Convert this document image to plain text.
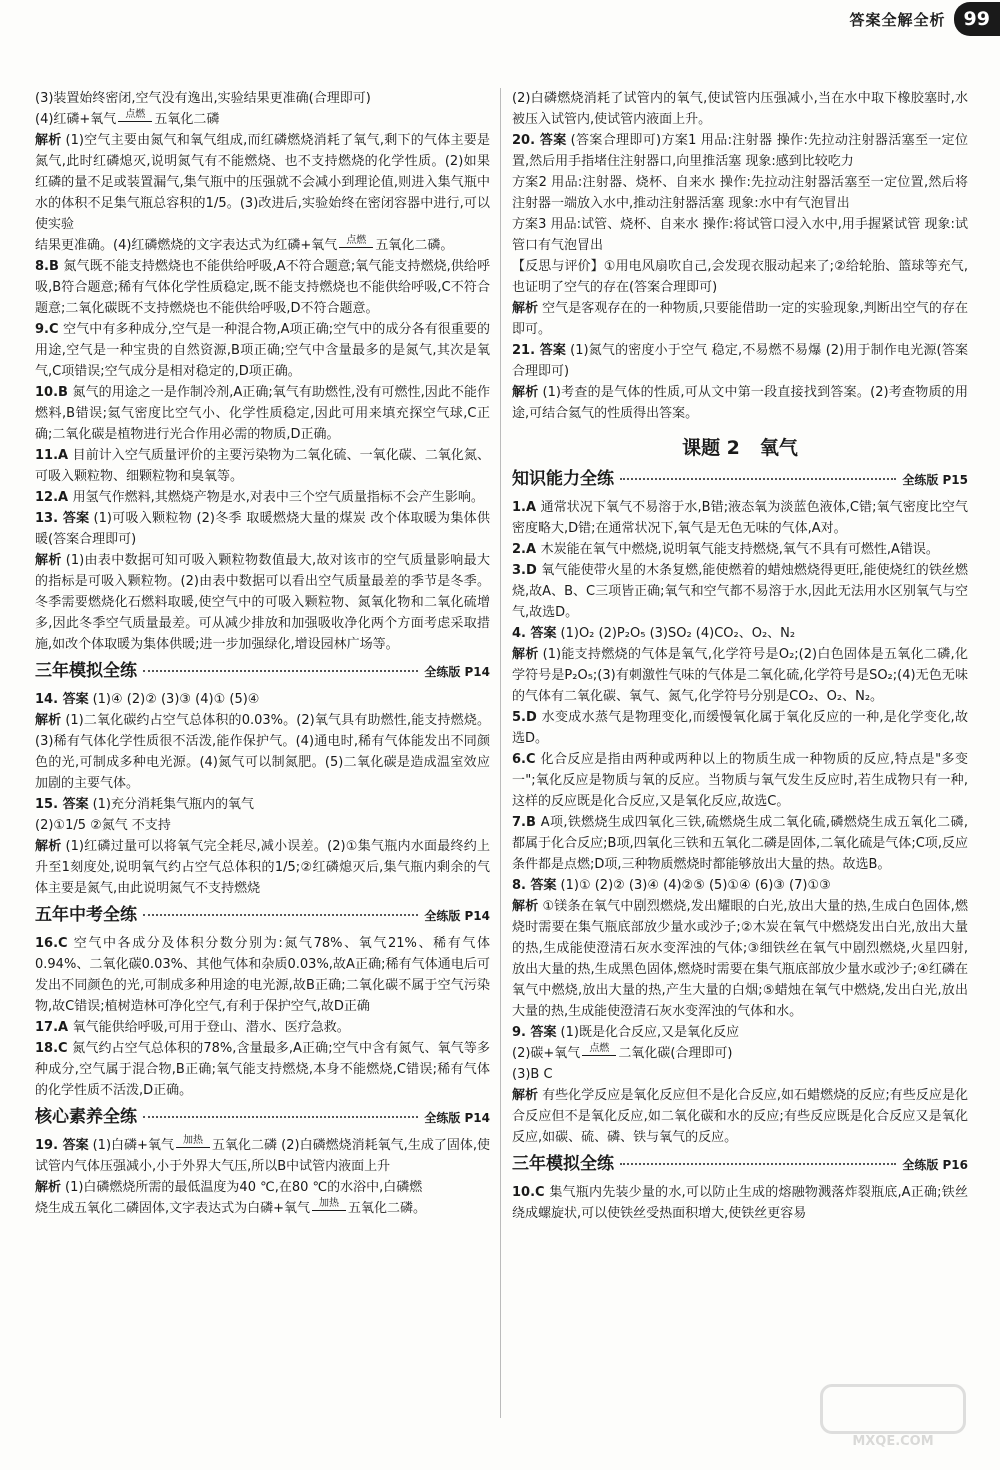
答案全解全析 99
(3)装置始终密闭,空气没有逸出,实验结果更准确(合理即可)
(4)红磷+氧气 点燃 五氧化二磷
解析 (1)空气主要由氮气和氧气组成,而红磷燃烧消耗了氧气,剩下的气体主要是氮气,此时红磷熄灭,说明氮气有不能燃烧、也不支持燃烧的化学性质。(2)如果红磷的量不足或装置漏气,集气瓶中的压强就不会减小到理论值,则进入集气瓶中水的体积不足集气瓶总容积的1/5。(3)改进后,实验始终在密闭容器中进行,可以使实验
结果更准确。(4)红磷燃烧的文字表达式为红磷+氧气 点燃 五氧化二磷。
8.B 氮气既不能支持燃烧也不能供给呼吸,A不符合题意;氧气能支持燃烧,供给呼吸,B符合题意;稀有气体化学性质稳定,既不能支持燃烧也不能供给呼吸,C不符合题意;二氧化碳既不支持燃烧也不能供给呼吸,D不符合题意。
9.C 空气中有多种成分,空气是一种混合物,A项正确;空气中的成分各有很重要的用途,空气是一种宝贵的自然资源,B项正确;空气中含量最多的是氮气,其次是氧气,C项错误;空气成分是相对稳定的,D项正确。
10.B 氮气的用途之一是作制冷剂,A正确;氧气有助燃性,没有可燃性,因此不能作燃料,B错误;氦气密度比空气小、化学性质稳定,因此可用来填充探空气球,C正确;二氧化碳是植物进行光合作用必需的物质,D正确。
11.A 目前计入空气质量评价的主要污染物为二氧化硫、一氧化碳、二氧化氮、可吸入颗粒物、细颗粒物和臭氧等。
12.A 用氢气作燃料,其燃烧产物是水,对表中三个空气质量指标不会产生影响。
13. 答案 (1)可吸入颗粒物 (2)冬季 取暖燃烧大量的煤炭 改个体取暖为集体供暖(答案合理即可)
解析 (1)由表中数据可知可吸入颗粒物数值最大,故对该市的空气质量影响最大的指标是可吸入颗粒物。(2)由表中数据可以看出空气质量最差的季节是冬季。冬季需要燃烧化石燃料取暖,使空气中的可吸入颗粒物、氮氧化物和二氧化硫增多,因此冬季空气质量最差。可从减少排放和加强吸收净化两个方面考虑采取措施,如改个体取暖为集体供暖;进一步加强绿化,增设园林广场等。
三年模拟全练	全练版 P14
14. 答案 (1)④ (2)② (3)③ (4)① (5)④
解析 (1)二氧化碳约占空气总体积的0.03%。(2)氧气具有助燃性,能支持燃烧。(3)稀有气体化学性质很不活泼,能作保护气。(4)通电时,稀有气体能发出不同颜色的光,可制成多种电光源。(4)氮气可以制氮肥。(5)二氧化碳是造成温室效应加剧的主要气体。
15. 答案 (1)充分消耗集气瓶内的氧气
(2)①1/5 ②氮气 不支持
解析 (1)红磷过量可以将氧气完全耗尽,减小误差。(2)①集气瓶内水面最终约上升至1刻度处,说明氧气约占空气总体积的1/5;②红磷熄灭后,集气瓶内剩余的气体主要是氮气,由此说明氮气不支持燃烧
五年中考全练	全练版 P14
16.C 空气中各成分及体积分数分别为:氮气78%、氧气21%、稀有气体0.94%、二氧化碳0.03%、其他气体和杂质0.03%,故A正确;稀有气体通电后可发出不同颜色的光,可制成多种用途的电光源,故B正确;二氧化碳不属于空气污染物,故C错误;植树造林可净化空气,有利于保护空气,故D正确
17.A 氧气能供给呼吸,可用于登山、潜水、医疗急救。
18.C 氮气约占空气总体积的78%,含量最多,A正确;空气中含有氮气、氧气等多种成分,空气属于混合物,B正确;氧气能支持燃烧,本身不能燃烧,C错误;稀有气体的化学性质不活泼,D正确。
核心素养全练	全练版 P14
19. 答案 (1)白磷+氧气 加热 五氧化二磷 (2)白磷燃烧消耗氧气,生成了固体,使试管内气体压强减小,小于外界大气压,所以B中试管内液面上升
解析 (1)白磷燃烧所需的最低温度为40 ℃,在80 ℃的水浴中,白磷燃
烧生成五氧化二磷固体,文字表达式为白磷+氧气 加热 五氧化二磷。
(2)白磷燃烧消耗了试管内的氧气,使试管内压强减小,当在水中取下橡胶塞时,水被压入试管内,使试管内液面上升。
20. 答案 (答案合理即可)方案1 用品:注射器 操作:先拉动注射器活塞至一定位置,然后用手指堵住注射器口,向里推活塞 现象:感到比较吃力
方案2 用品:注射器、烧杯、自来水 操作:先拉动注射器活塞至一定位置,然后将注射器一端放入水中,推动注射器活塞 现象:水中有气泡冒出
方案3 用品:试管、烧杯、自来水 操作:将试管口浸入水中,用手握紧试管 现象:试管口有气泡冒出
【反思与评价】①用电风扇吹自己,会发现衣服动起来了;②给轮胎、篮球等充气,也证明了空气的存在(答案合理即可)
解析 空气是客观存在的一种物质,只要能借助一定的实验现象,判断出空气的存在即可。
21. 答案 (1)氮气的密度小于空气 稳定,不易燃不易爆 (2)用于制作电光源(答案合理即可)
解析 (1)考查的是气体的性质,可从文中第一段直接找到答案。(2)考查物质的用途,可结合氦气的性质得出答案。
课题 2 氧气
知识能力全练	全练版 P15
1.A 通常状况下氧气不易溶于水,B错;液态氧为淡蓝色液体,C错;氧气密度比空气密度略大,D错;在通常状况下,氧气是无色无味的气体,A对。
2.A 木炭能在氧气中燃烧,说明氧气能支持燃烧,氧气不具有可燃性,A错误。
3.D 氧气能使带火星的木条复燃,能使燃着的蜡烛燃烧得更旺,能使烧红的铁丝燃烧,故A、B、C三项皆正确;氧气和空气都不易溶于水,因此无法用水区别氧气与空气,故选D。
4. 答案 (1)O₂ (2)P₂O₅ (3)SO₂ (4)CO₂、O₂、N₂
解析 (1)能支持燃烧的气体是氧气,化学符号是O₂;(2)白色固体是五氧化二磷,化学符号是P₂O₅;(3)有刺激性气味的气体是二氧化硫,化学符号是SO₂;(4)无色无味的气体有二氧化碳、氧气、氮气,化学符号分别是CO₂、O₂、N₂。
5.D 水变成水蒸气是物理变化,而缓慢氧化属于氧化反应的一种,是化学变化,故选D。
6.C 化合反应是指由两种或两种以上的物质生成一种物质的反应,特点是"多变一";氧化反应是物质与氧的反应。当物质与氧气发生反应时,若生成物只有一种,这样的反应既是化合反应,又是氧化反应,故选C。
7.B A项,铁燃烧生成四氧化三铁,硫燃烧生成二氧化硫,磷燃烧生成五氧化二磷,都属于化合反应;B项,四氧化三铁和五氧化二磷是固体,二氧化硫是气体;C项,反应条件都是点燃;D项,三种物质燃烧时都能够放出大量的热。故选B。
8. 答案 (1)① (2)② (3)④ (4)②⑤ (5)①④ (6)③ (7)①③
解析 ①镁条在氧气中剧烈燃烧,发出耀眼的白光,放出大量的热,生成白色固体,燃烧时需要在集气瓶底部放少量水或沙子;②木炭在氧气中燃烧发出白光,放出大量的热,生成能使澄清石灰水变浑浊的气体;③细铁丝在氧气中剧烈燃烧,火星四射,放出大量的热,生成黑色固体,燃烧时需要在集气瓶底部放少量水或沙子;④红磷在氧气中燃烧,放出大量的热,产生大量的白烟;⑤蜡烛在氧气中燃烧,发出白光,放出大量的热,生成能使澄清石灰水变浑浊的气体和水。
9. 答案 (1)既是化合反应,又是氧化反应
(2)碳+氧气 点燃 二氧化碳(合理即可)
(3)B C
解析 有些化学反应是氧化反应但不是化合反应,如石蜡燃烧的反应;有些反应是化合反应但不是氧化反应,如二氧化碳和水的反应;有些反应既是化合反应又是氧化反应,如碳、硫、磷、铁与氧气的反应。
三年模拟全练	全练版 P16
10.C 集气瓶内先装少量的水,可以防止生成的熔融物溅落炸裂瓶底,A正确;铁丝绕成螺旋状,可以使铁丝受热面积增大,使铁丝更容易
MXQE.COM
